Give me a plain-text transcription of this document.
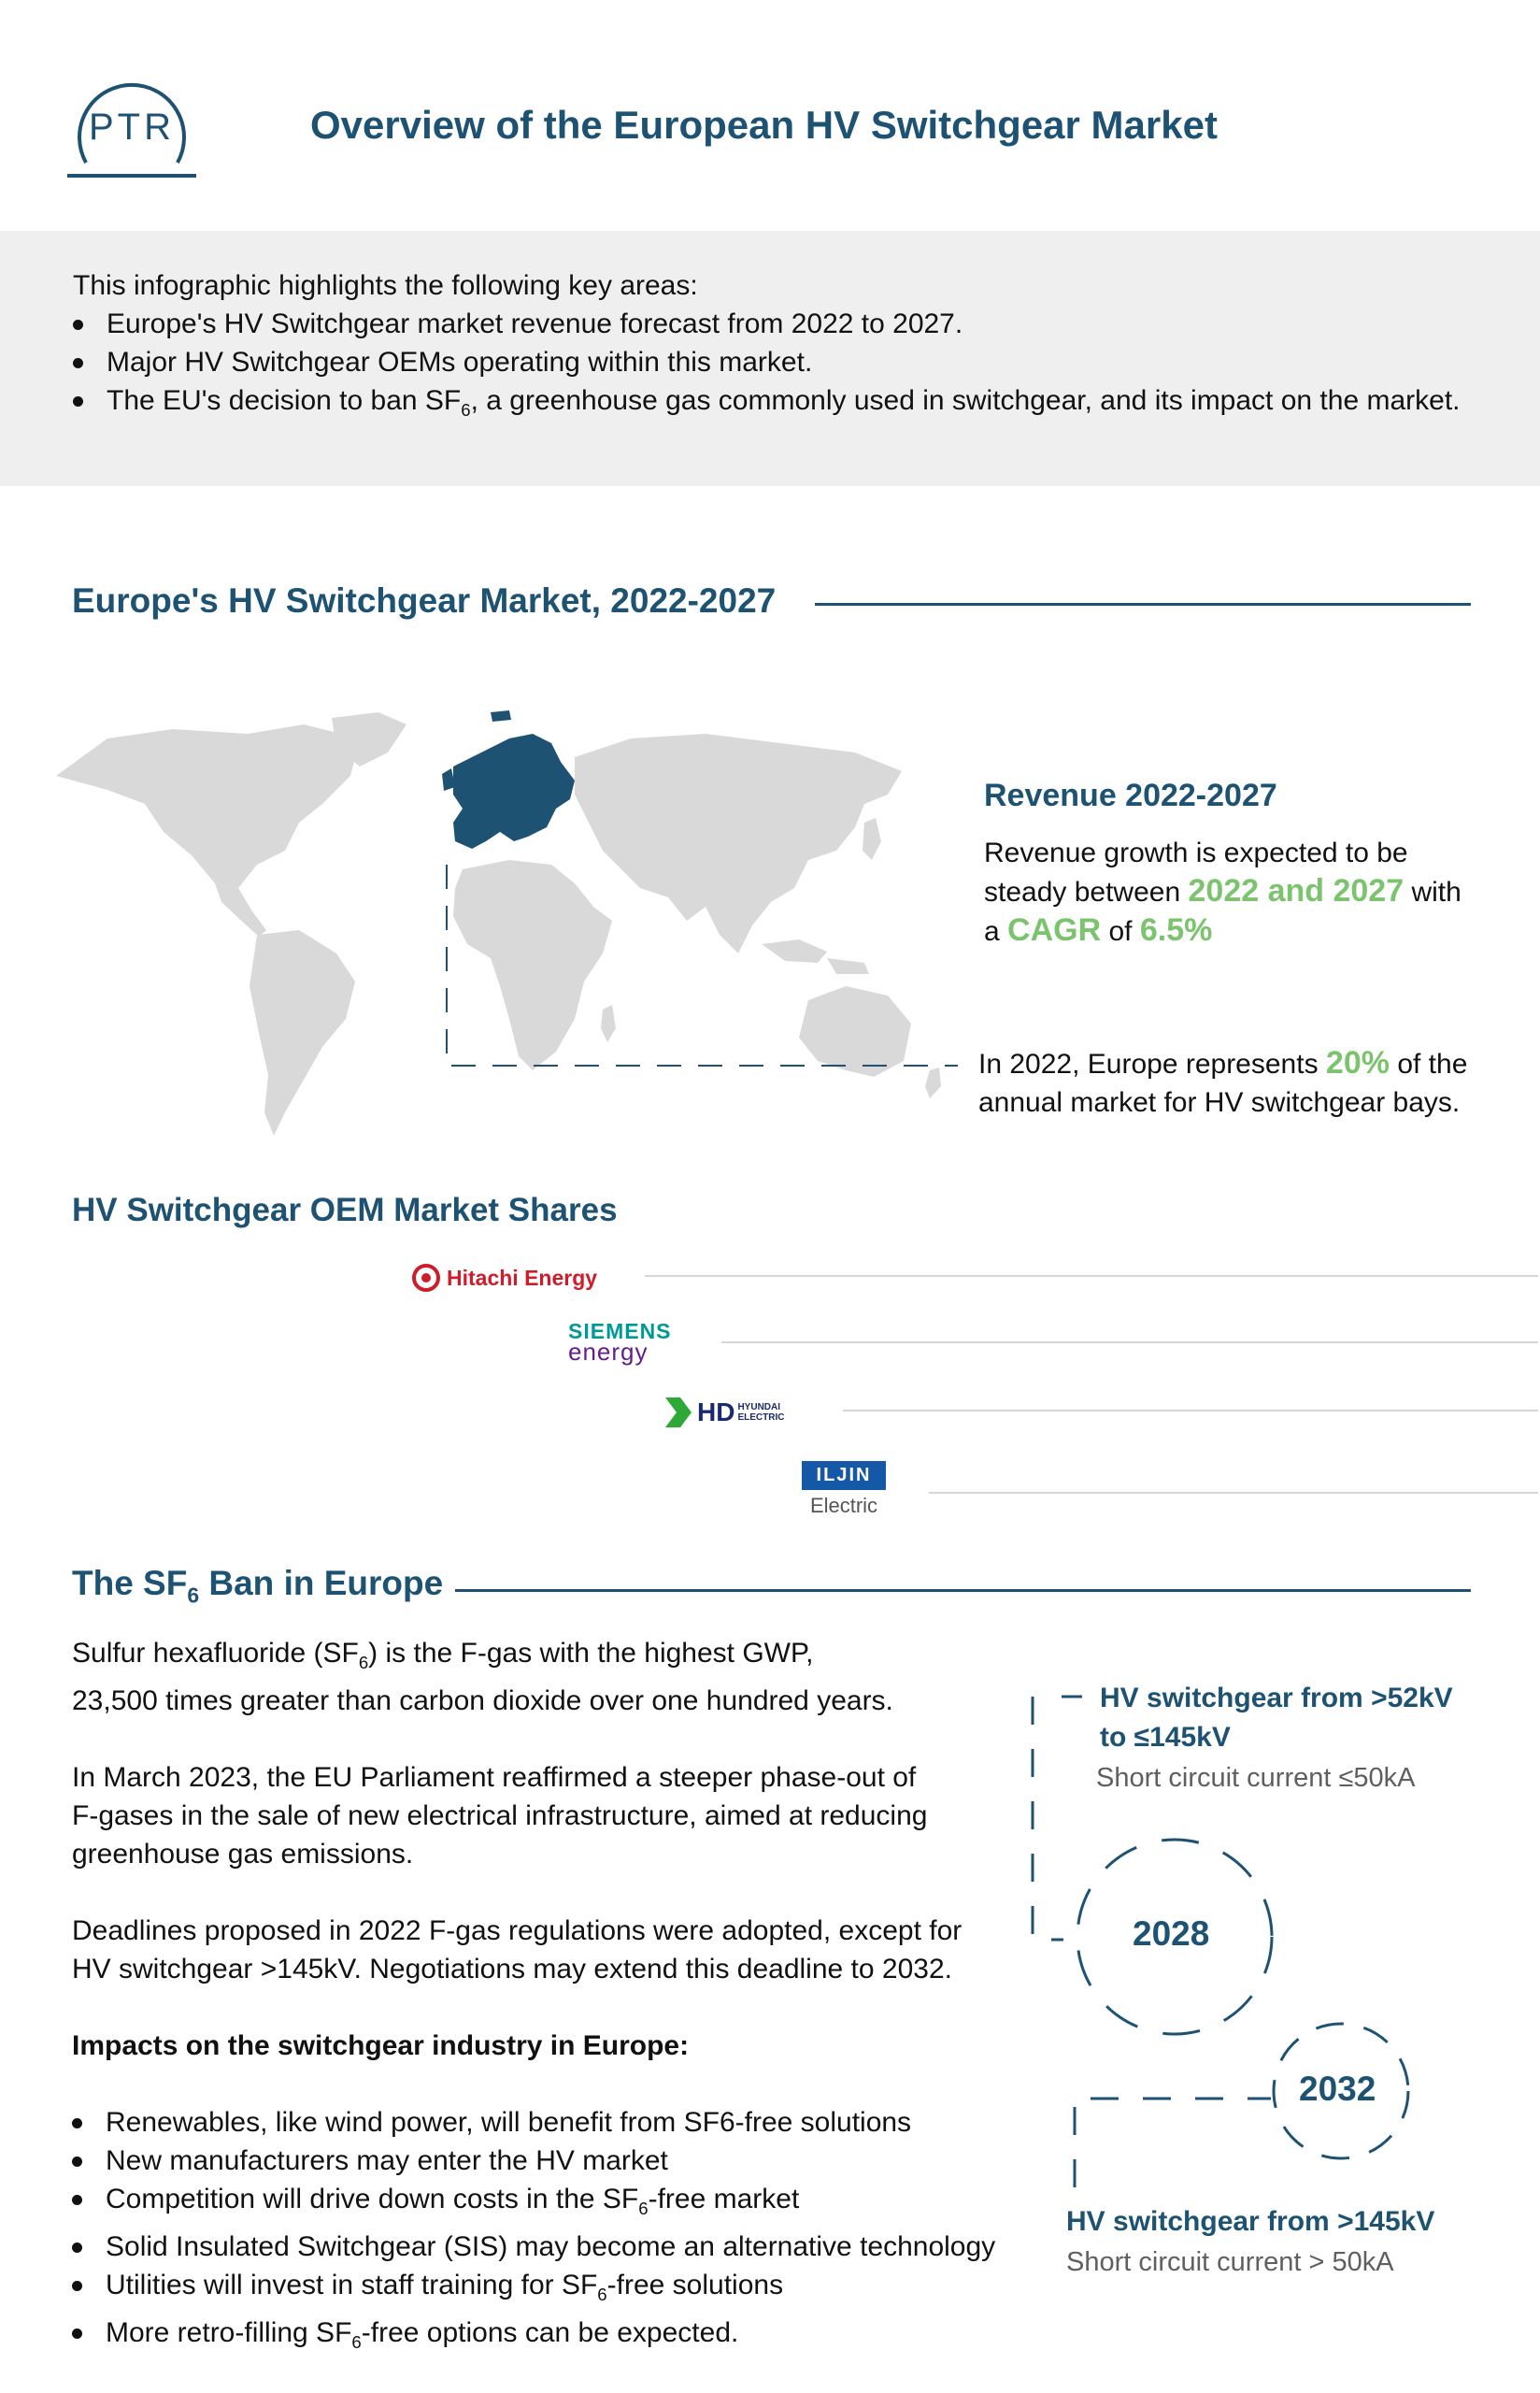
PTR	Overview of the European HV Switchgear Market
This infographic highlights the following key areas:
Europe's HV Switchgear market revenue forecast from 2022 to 2027.
Major HV Switchgear OEMs operating within this market.
The EU's decision to ban $SF_6$, a greenhouse gas commonly used in switchgear, and its impact on the market.
Europe's HV Switchgear Market, 2022-2027
Revenue 2022-2027
Revenue growth is expected to be
steady between 2022 and 2027 with
a CAGR of 6.5%
In 2022, Europe represents 20% of the
annual market for HV switchgear bays.
HV Switchgear OEM Market Shares
Hitachi Energy
SIEMENS
energy
HD HYUNDAI
ELECTRIC
ILJIN
Electric
The $SF_6$ Ban in Europe
Sulfur hexafluoride $(SF_6)$ is the F-gas with the highest GWP,
23,500 times greater than carbon dioxide over one hundred years.
In March 2023, the EU Parliament reaffirmed a steeper phase-out of
F-gases in the sale of new electrical infrastructure, aimed at reducing
greenhouse gas emissions.
Deadlines proposed in 2022 F-gas regulations were adopted, except for
HV switchgear >145kV. Negotiations may extend this deadline to 2032.
Impacts on the switchgear industry in Europe:
Renewables, like wind power, will benefit from SF6-free solutions
New manufacturers may enter the HV market
Competition will drive down costs in the $SF_6$-free market
Solid Insulated Switchgear (SIS) may become an alternative technology
Utilities will invest in staff training for $SF_6$-free solutions
More retro-filling $SF_6$-free options can be expected.
HV switchgear from >52kV
to ≤145kV
Short circuit current ≤50kA
2028
2032
HV switchgear from >145kV
Short circuit current > 50kA
